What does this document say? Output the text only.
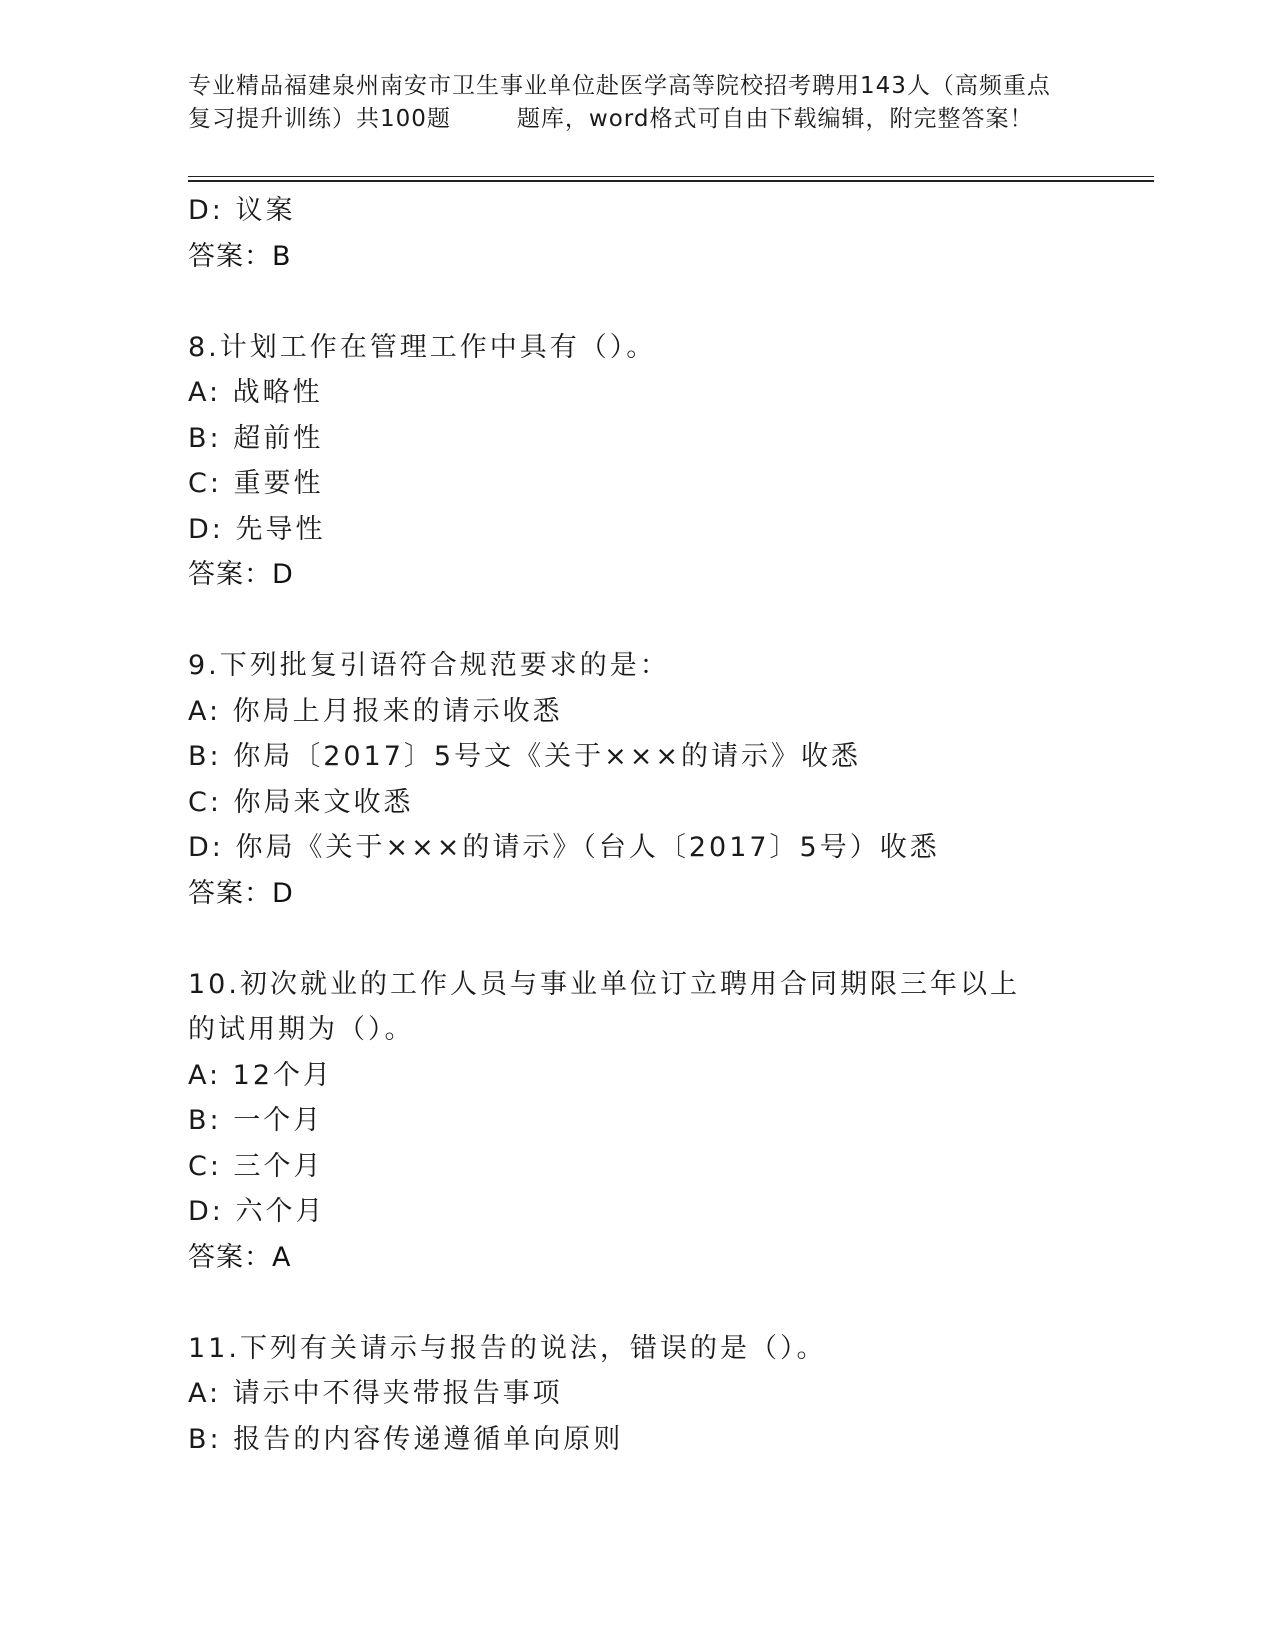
专业精品福建泉州南安市卫生事业单位赴医学高等院校招考聘用143人（高频重点
复习提升训练）共100题	题库，word格式可自由下载编辑，附完整答案！
D: 议案
答案：B
8.计划工作在管理工作中具有（）。
A: 战略性
B: 超前性
C: 重要性
D: 先导性
答案：D
9.下列批复引语符合规范要求的是：
A: 你局上月报来的请示收悉
B: 你局〔2017〕5号文《关于×××的请示》收悉
C: 你局来文收悉
D: 你局《关于×××的请示》（台人〔2017〕5号）收悉
答案：D
10.初次就业的工作人员与事业单位订立聘用合同期限三年以上的试用期为（）。
A: 12个月
B: 一个月
C: 三个月
D: 六个月
答案：A
11.下列有关请示与报告的说法，错误的是（）。
A: 请示中不得夹带报告事项
B: 报告的内容传递遵循单向原则
